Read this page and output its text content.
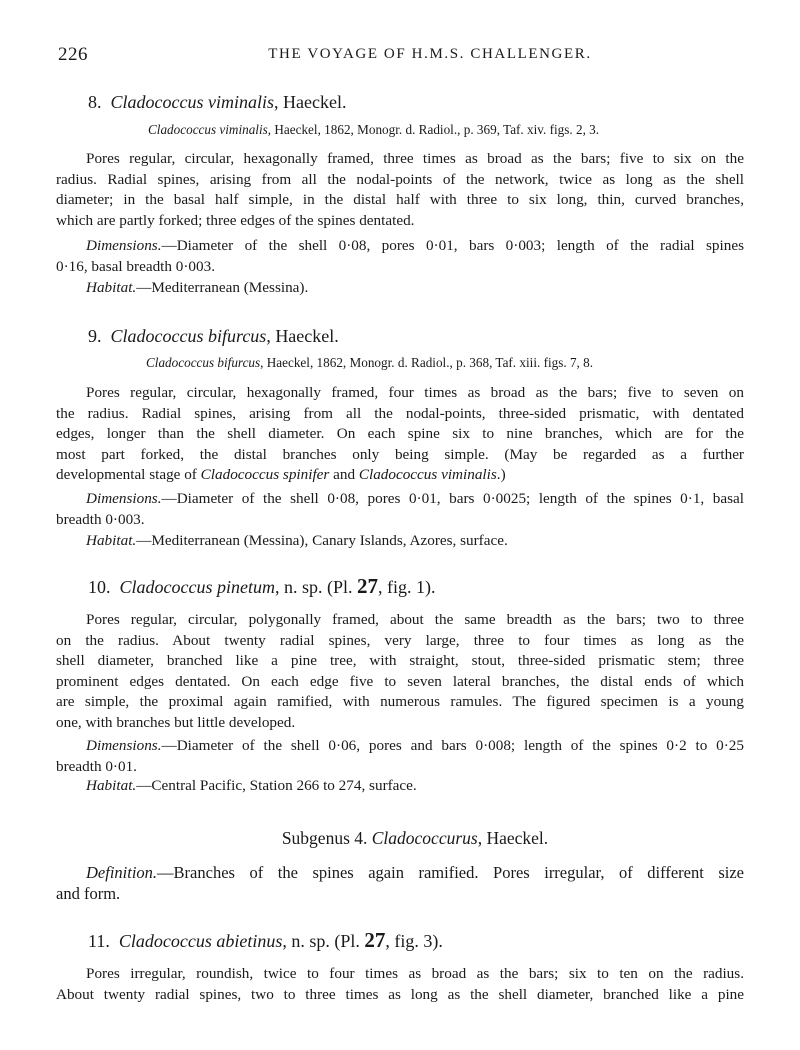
226	THE VOYAGE OF H.M.S. CHALLENGER.
8. Cladococcus viminalis, Haeckel.
Cladococcus viminalis, Haeckel, 1862, Monogr. d. Radiol., p. 369, Taf. xiv. figs. 2, 3.
Pores regular, circular, hexagonally framed, three times as broad as the bars; five to six on the
radius. Radial spines, arising from all the nodal-points of the network, twice as long as the shell
diameter; in the basal half simple, in the distal half with three to six long, thin, curved branches,
which are partly forked; three edges of the spines dentated.
Dimensions.—Diameter of the shell 0·08, pores 0·01, bars 0·003; length of the radial spines
0·16, basal breadth 0·003.
Habitat.—Mediterranean (Messina).
9. Cladococcus bifurcus, Haeckel.
Cladococcus bifurcus, Haeckel, 1862, Monogr. d. Radiol., p. 368, Taf. xiii. figs. 7, 8.
Pores regular, circular, hexagonally framed, four times as broad as the bars; five to seven on
the radius. Radial spines, arising from all the nodal-points, three-sided prismatic, with dentated
edges, longer than the shell diameter. On each spine six to nine branches, which are for the
most part forked, the distal branches only being simple. (May be regarded as a further
developmental stage of Cladococcus spinifer and Cladococcus viminalis.)
Dimensions.—Diameter of the shell 0·08, pores 0·01, bars 0·0025; length of the spines 0·1, basal
breadth 0·003.
Habitat.—Mediterranean (Messina), Canary Islands, Azores, surface.
10. Cladococcus pinetum, n. sp. (Pl. 27, fig. 1).
Pores regular, circular, polygonally framed, about the same breadth as the bars; two to three
on the radius. About twenty radial spines, very large, three to four times as long as the
shell diameter, branched like a pine tree, with straight, stout, three-sided prismatic stem; three
prominent edges dentated. On each edge five to seven lateral branches, the distal ends of which
are simple, the proximal again ramified, with numerous ramules. The figured specimen is a young
one, with branches but little developed.
Dimensions.—Diameter of the shell 0·06, pores and bars 0·008; length of the spines 0·2 to 0·25
breadth 0·01.
Habitat.—Central Pacific, Station 266 to 274, surface.
Subgenus 4. Cladococcurus, Haeckel.
Definition.—Branches of the spines again ramified. Pores irregular, of different size
and form.
11. Cladococcus abietinus, n. sp. (Pl. 27, fig. 3).
Pores irregular, roundish, twice to four times as broad as the bars; six to ten on the radius.
About twenty radial spines, two to three times as long as the shell diameter, branched like a pine
